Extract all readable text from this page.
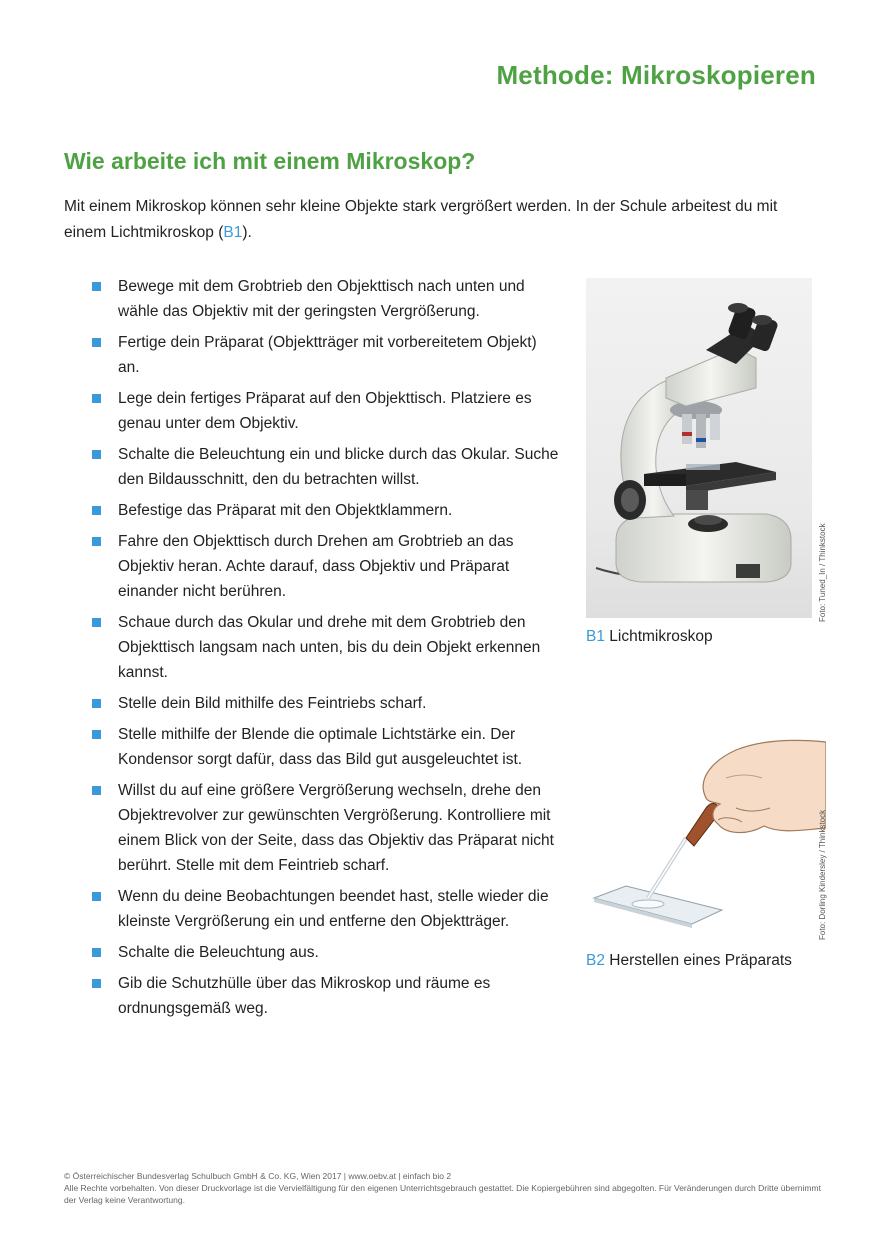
Methode: Mikroskopieren
Wie arbeite ich mit einem Mikroskop?

Mit einem Mikroskop können sehr kleine Objekte stark vergrößert werden. In der Schule arbeitest du mit einem Lichtmikroskop (B1).

Bewege mit dem Grobtrieb den Objekttisch nach unten und wähle das Objektiv mit der geringsten Vergrößerung.
Fertige dein Präparat (Objektträger mit vorbereitetem Objekt) an.
Lege dein fertiges Präparat auf den Objekttisch. Platziere es genau unter dem Objektiv.
Schalte die Beleuchtung ein und blicke durch das Okular. Suche den Bildausschnitt, den du betrachten willst.
Befestige das Präparat mit den Objektklammern.
Fahre den Objekttisch durch Drehen am Grobtrieb an das Objektiv heran. Achte darauf, dass Objektiv und Präparat einander nicht berühren.
Schaue durch das Okular und drehe mit dem Grobtrieb den Objekttisch langsam nach unten, bis du dein Objekt erkennen kannst.
Stelle dein Bild mithilfe des Feintriebs scharf.
Stelle mithilfe der Blende die optimale Lichtstärke ein. Der Kondensor sorgt dafür, dass das Bild gut ausgeleuchtet ist.
Willst du auf eine größere Vergrößerung wechseln, drehe den Objektrevolver zur gewünschten Vergrößerung. Kontrolliere mit einem Blick von der Seite, dass das Objektiv das Präparat nicht berührt. Stelle mit dem Feintrieb scharf.
Wenn du deine Beobachtungen beendet hast, stelle wieder die kleinste Vergrößerung ein und entferne den Objektträger.
Schalte die Beleuchtung aus.
Gib die Schutzhülle über das Mikroskop und räume es ordnungsgemäß weg.
Foto: Tuned_In / Thinkstock
B1 Lichtmikroskop
Foto: Dorling Kindersley / Thinkstock
B2 Herstellen eines Präparats
© Österreichischer Bundesverlag Schulbuch GmbH & Co. KG, Wien 2017 | www.oebv.at | einfach bio 2
Alle Rechte vorbehalten. Von dieser Druckvorlage ist die Vervielfältigung für den eigenen Unterrichtsgebrauch gestattet. Die Kopiergebühren sind abgegolten. Für Veränderungen durch Dritte übernimmt der Verlag keine Verantwortung.
